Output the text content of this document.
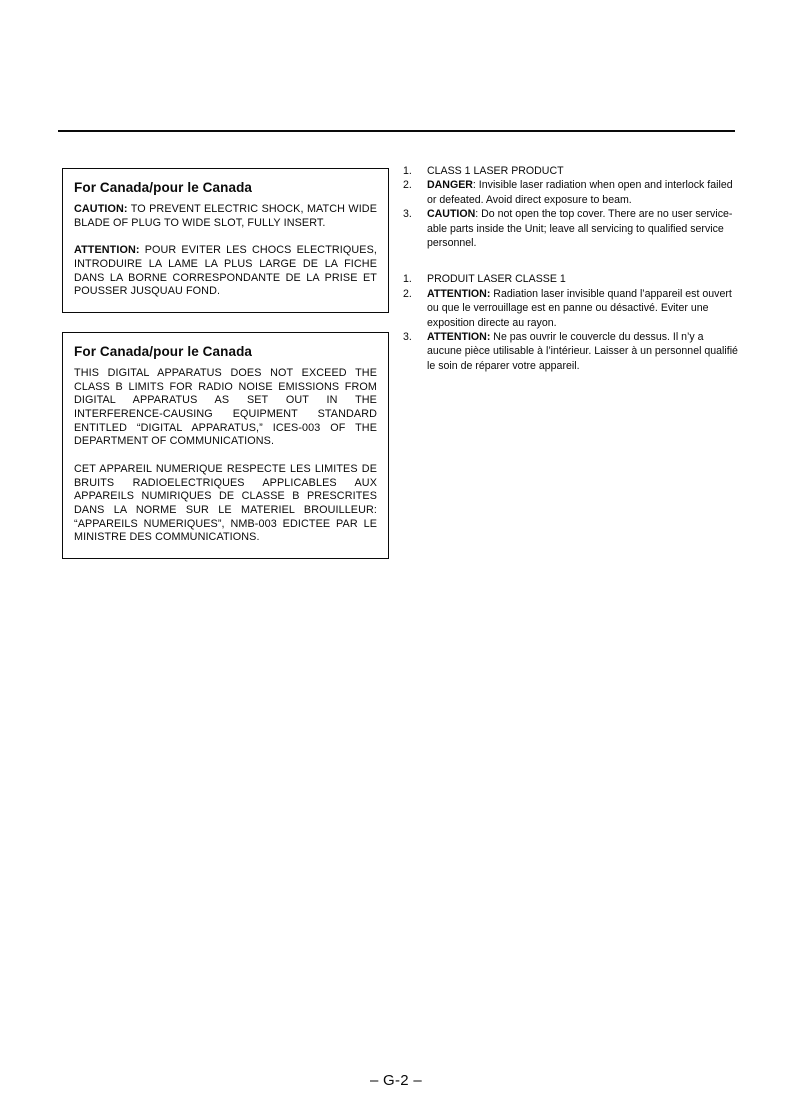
For Canada/pour le Canada

CAUTION: TO PREVENT ELECTRIC SHOCK, MATCH WIDE BLADE OF PLUG TO WIDE SLOT, FULLY INSERT.

ATTENTION: POUR EVITER LES CHOCS ELECTRIQUES, INTRODUIRE LA LAME LA PLUS LARGE DE LA FICHE DANS LA BORNE CORRESPONDANTE DE LA PRISE ET POUSSER JUSQUAU FOND.

For Canada/pour le Canada

THIS DIGITAL APPARATUS DOES NOT EXCEED THE CLASS B LIMITS FOR RADIO NOISE EMISSIONS FROM DIGITAL APPARATUS AS SET OUT IN THE INTERFERENCE-CAUSING EQUIPMENT STANDARD ENTITLED “DIGITAL APPARATUS,” ICES-003 OF THE DEPARTMENT OF COMMUNICATIONS.

CET APPAREIL NUMERIQUE RESPECTE LES LIMITES DE BRUITS RADIOELECTRIQUES APPLICABLES AUX APPAREILS NUMIRIQUES DE CLASSE B PRESCRITES DANS LA NORME SUR LE MATERIEL BROUILLEUR: “APPAREILS NUMERIQUES”, NMB-003 EDICTEE PAR LE MINISTRE DES COMMUNICATIONS.

1.	CLASS 1 LASER PRODUCT
2.	DANGER: Invisible laser radiation when open and interlock failed or defeated. Avoid direct exposure to beam.
3.	CAUTION: Do not open the top cover. There are no user service-able parts inside the Unit; leave all servicing to qualified service personnel.
1.	PRODUIT LASER CLASSE 1
2.	ATTENTION: Radiation laser invisible quand l’appareil est ouvert ou que le verrouillage est en panne ou désactivé. Eviter une exposition directe au rayon.
3.	ATTENTION: Ne pas ouvrir le couvercle du dessus. Il n’y a aucune pièce utilisable à l’intérieur. Laisser à un personnel qualifié le soin de réparer votre appareil.
– G-2 –
